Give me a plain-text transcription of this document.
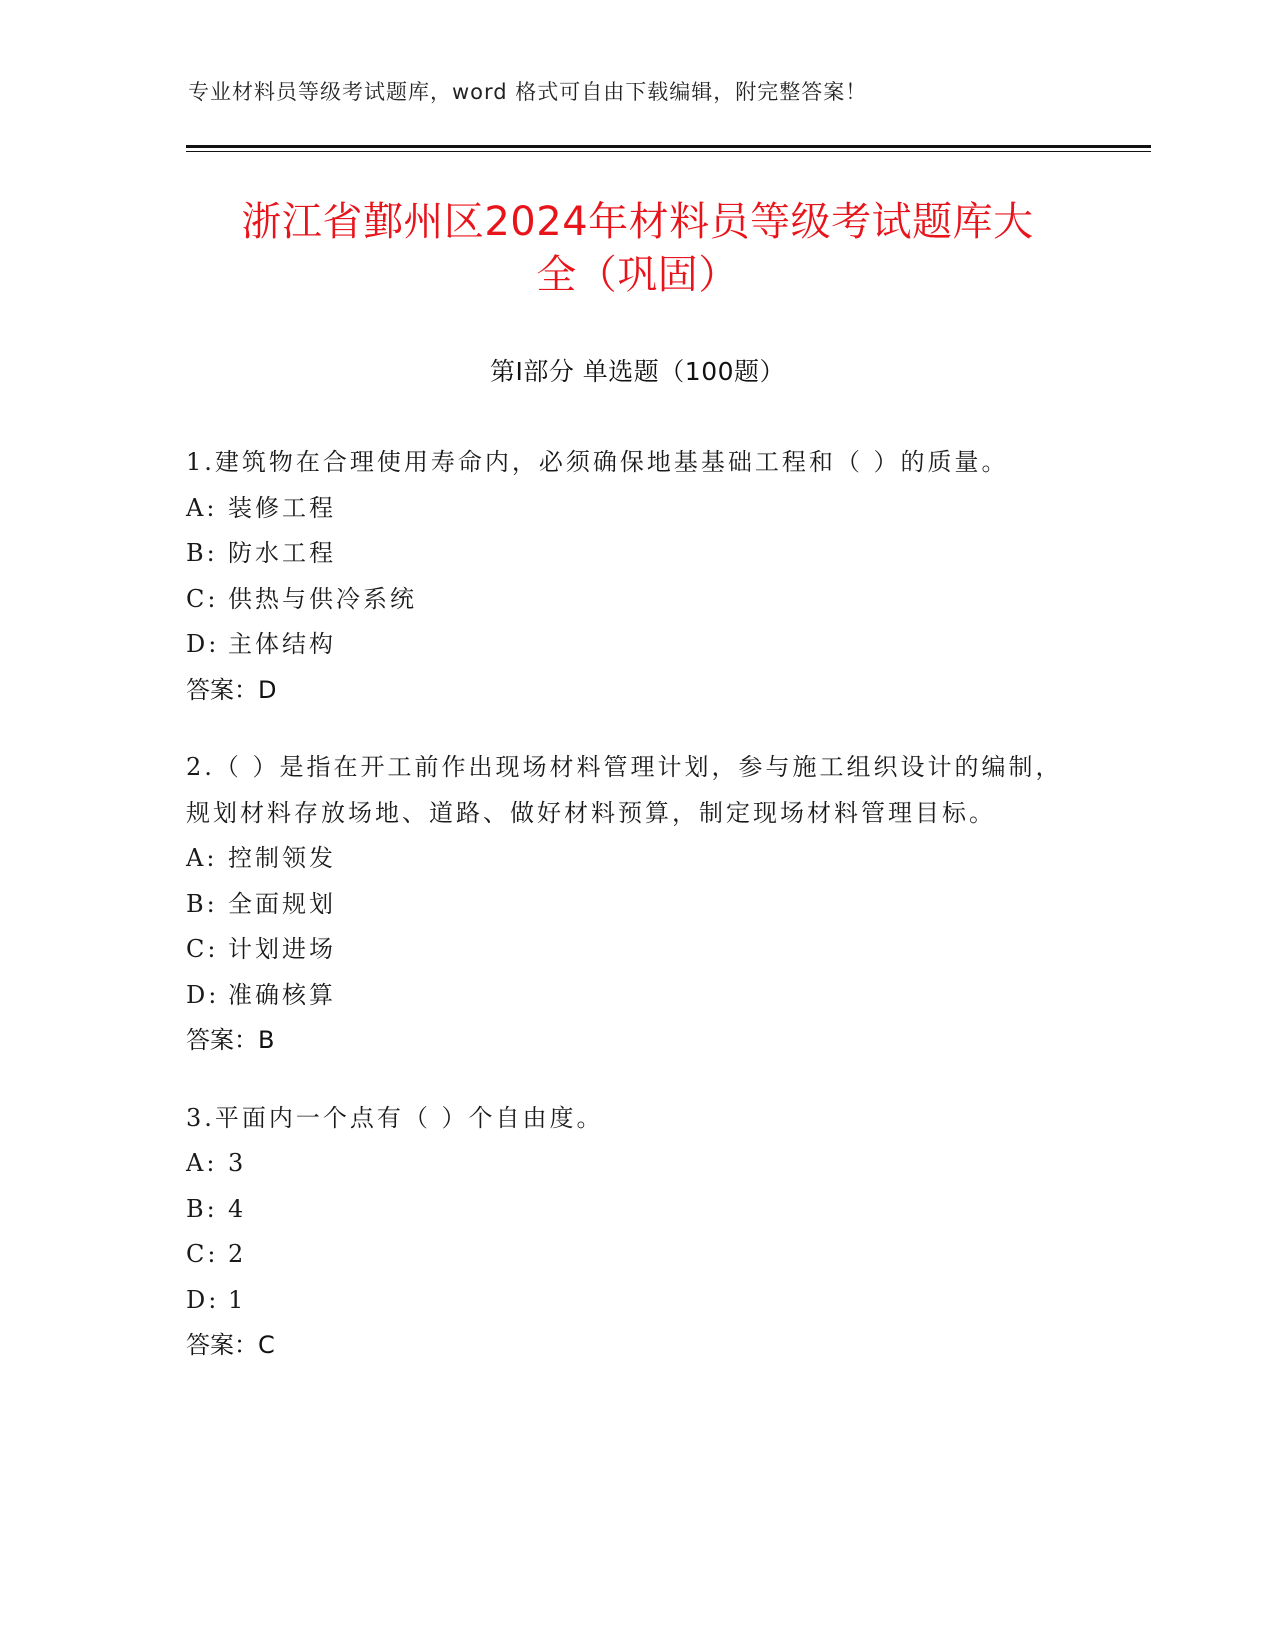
专业材料员等级考试题库，word 格式可自由下载编辑，附完整答案！
浙江省鄞州区2024年材料员等级考试题库大
全（巩固）
第Ⅰ部分 单选题（100题）
1.建筑物在合理使用寿命内，必须确保地基基础工程和（ ）的质量。
A: 装修工程
B: 防水工程
C: 供热与供冷系统
D: 主体结构
答案：D
2.（ ）是指在开工前作出现场材料管理计划，参与施工组织设计的编制，规划材料存放场地、道路、做好材料预算，制定现场材料管理目标。
A: 控制领发
B: 全面规划
C: 计划进场
D: 准确核算
答案：B
3.平面内一个点有（ ）个自由度。
A: 3
B: 4
C: 2
D: 1
答案：C
